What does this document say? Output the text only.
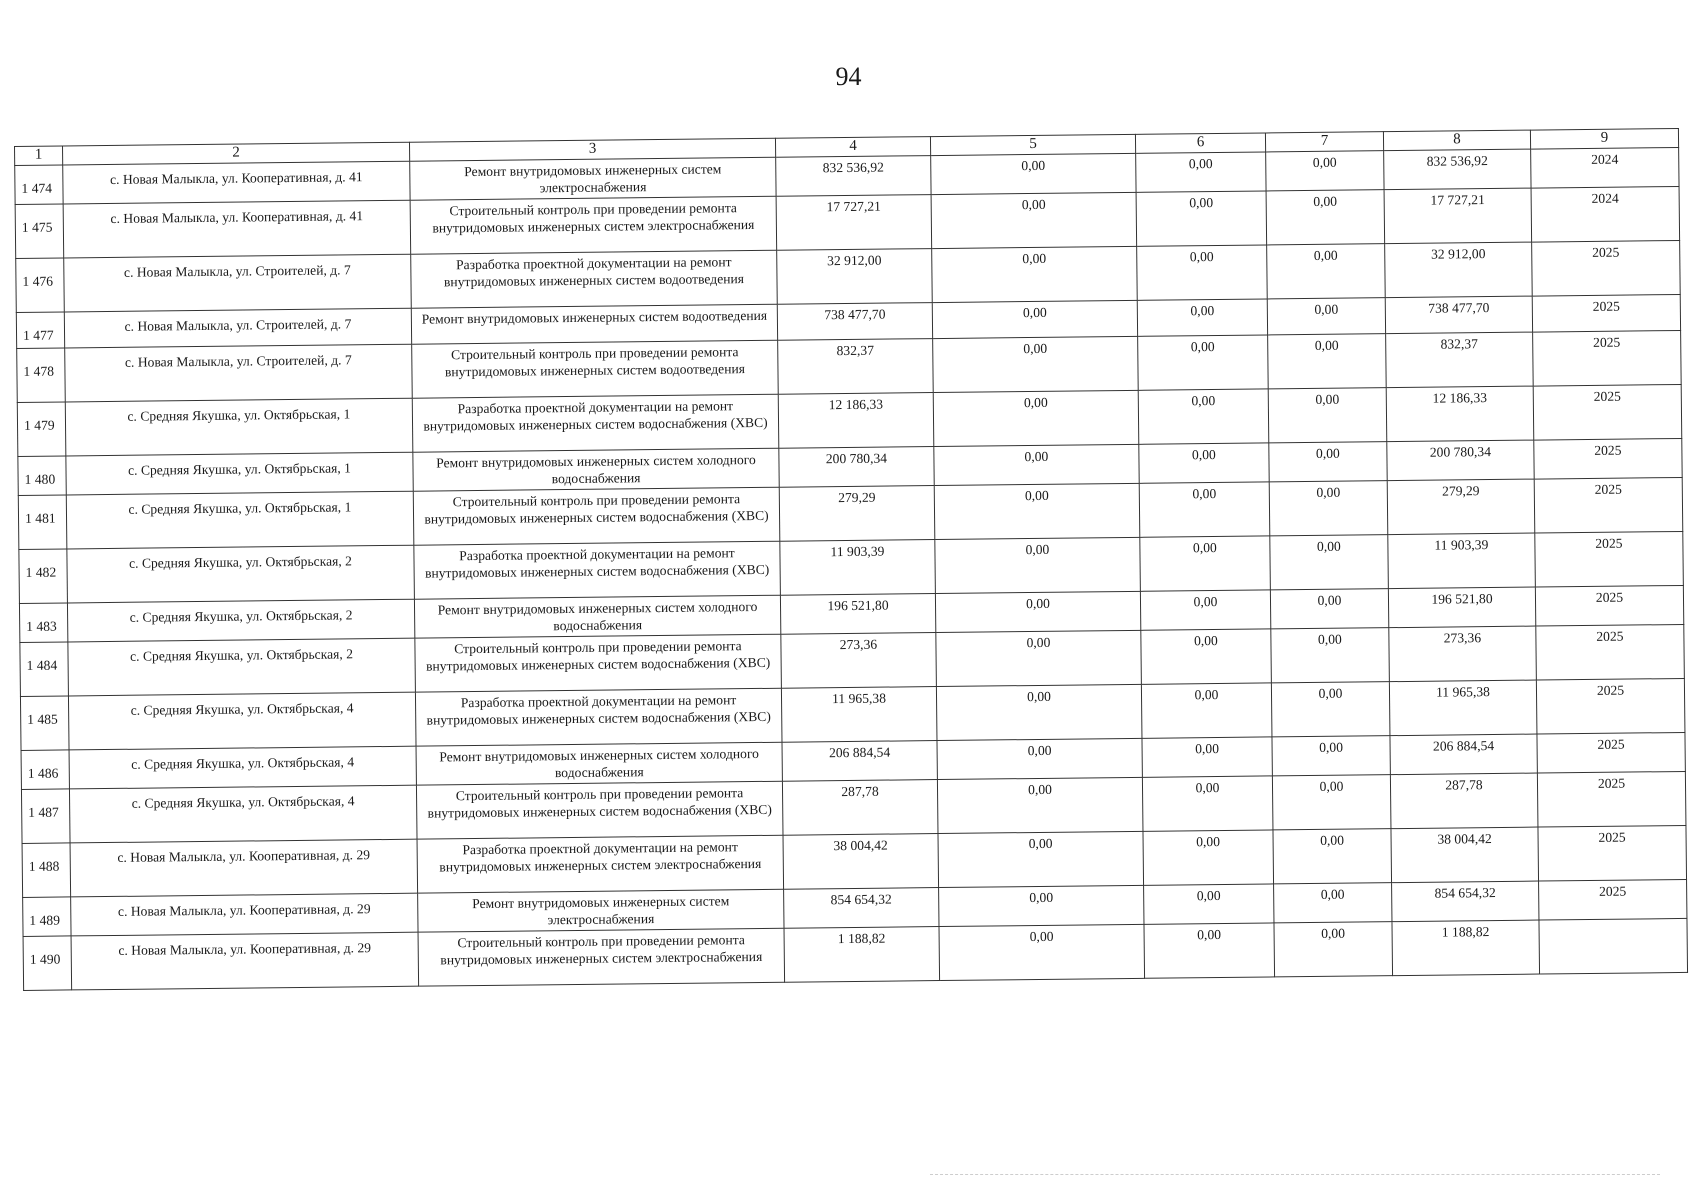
94
1	2	3	4	5	6	7	8	9
1 474	с. Новая Малыкла, ул. Кооперативная, д. 41	Ремонт внутридомовых инженерных систем электроснабжения	832 536,92	0,00	0,00	0,00	832 536,92	2024
1 475	с. Новая Малыкла, ул. Кооперативная, д. 41	Строительный контроль при проведении ремонта внутридомовых инженерных систем электроснабжения	17 727,21	0,00	0,00	0,00	17 727,21	2024
1 476	с. Новая Малыкла, ул. Строителей, д. 7	Разработка проектной документации на ремонт внутридомовых инженерных систем водоотведения	32 912,00	0,00	0,00	0,00	32 912,00	2025
1 477	с. Новая Малыкла, ул. Строителей, д. 7	Ремонт внутридомовых инженерных систем водоотведения	738 477,70	0,00	0,00	0,00	738 477,70	2025
1 478	с. Новая Малыкла, ул. Строителей, д. 7	Строительный контроль при проведении ремонта внутридомовых инженерных систем водоотведения	832,37	0,00	0,00	0,00	832,37	2025
1 479	с. Средняя Якушка, ул. Октябрьская, 1	Разработка проектной документации на ремонт внутридомовых инженерных систем водоснабжения (ХВС)	12 186,33	0,00	0,00	0,00	12 186,33	2025
1 480	с. Средняя Якушка, ул. Октябрьская, 1	Ремонт внутридомовых инженерных систем холодного водоснабжения	200 780,34	0,00	0,00	0,00	200 780,34	2025
1 481	с. Средняя Якушка, ул. Октябрьская, 1	Строительный контроль при проведении ремонта внутридомовых инженерных систем водоснабжения (ХВС)	279,29	0,00	0,00	0,00	279,29	2025
1 482	с. Средняя Якушка, ул. Октябрьская, 2	Разработка проектной документации на ремонт внутридомовых инженерных систем водоснабжения (ХВС)	11 903,39	0,00	0,00	0,00	11 903,39	2025
1 483	с. Средняя Якушка, ул. Октябрьская, 2	Ремонт внутридомовых инженерных систем холодного водоснабжения	196 521,80	0,00	0,00	0,00	196 521,80	2025
1 484	с. Средняя Якушка, ул. Октябрьская, 2	Строительный контроль при проведении ремонта внутридомовых инженерных систем водоснабжения (ХВС)	273,36	0,00	0,00	0,00	273,36	2025
1 485	с. Средняя Якушка, ул. Октябрьская, 4	Разработка проектной документации на ремонт внутридомовых инженерных систем водоснабжения (ХВС)	11 965,38	0,00	0,00	0,00	11 965,38	2025
1 486	с. Средняя Якушка, ул. Октябрьская, 4	Ремонт внутридомовых инженерных систем холодного водоснабжения	206 884,54	0,00	0,00	0,00	206 884,54	2025
1 487	с. Средняя Якушка, ул. Октябрьская, 4	Строительный контроль при проведении ремонта внутридомовых инженерных систем водоснабжения (ХВС)	287,78	0,00	0,00	0,00	287,78	2025
1 488	с. Новая Малыкла, ул. Кооперативная, д. 29	Разработка проектной документации на ремонт внутридомовых инженерных систем электроснабжения	38 004,42	0,00	0,00	0,00	38 004,42	2025
1 489	с. Новая Малыкла, ул. Кооперативная, д. 29	Ремонт внутридомовых инженерных систем электроснабжения	854 654,32	0,00	0,00	0,00	854 654,32	2025
1 490	с. Новая Малыкла, ул. Кооперативная, д. 29	Строительный контроль при проведении ремонта внутридомовых инженерных систем электроснабжения	1 188,82	0,00	0,00	0,00	1 188,82	
